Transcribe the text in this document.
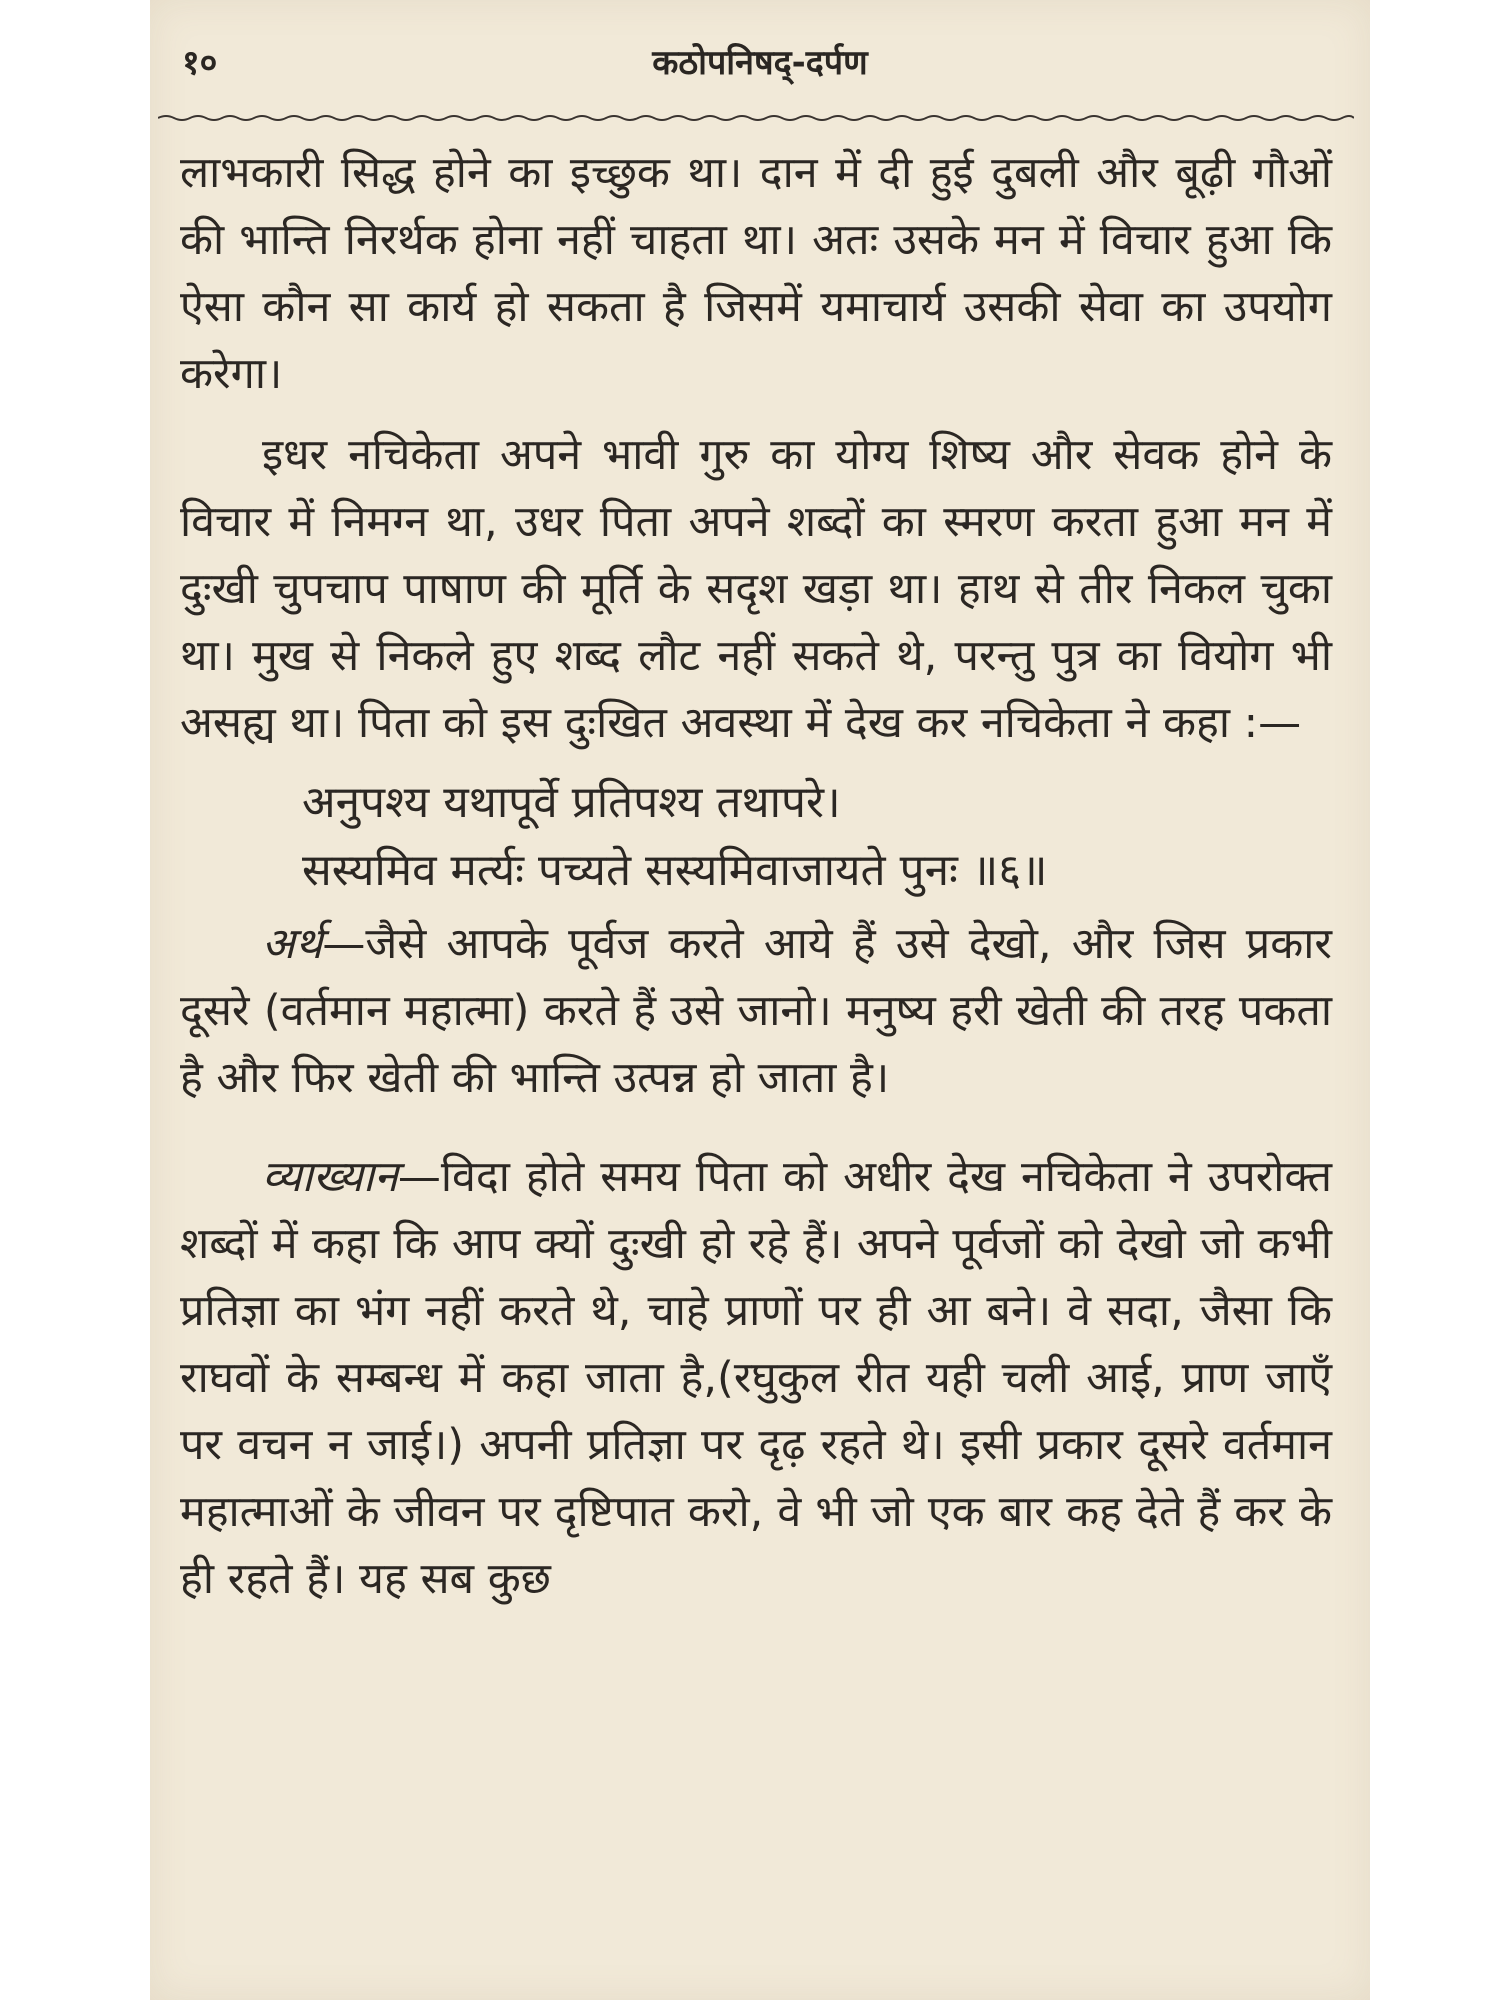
१०	कठोपनिषद्-दर्पण

लाभकारी सिद्ध होने का इच्छुक था। दान में दी हुई दुबली और बूढ़ी गौओं की भान्ति निरर्थक होना नहीं चाहता था। अतः उसके मन में विचार हुआ कि ऐसा कौन सा कार्य हो सकता है जिसमें यमाचार्य उसकी सेवा का उपयोग करेगा।

इधर नचिकेता अपने भावी गुरु का योग्य शिष्य और सेवक होने के विचार में निमग्न था, उधर पिता अपने शब्दों का स्मरण करता हुआ मन में दुःखी चुपचाप पाषाण की मूर्ति के सदृश खड़ा था। हाथ से तीर निकल चुका था। मुख से निकले हुए शब्द लौट नहीं सकते थे, परन्तु पुत्र का वियोग भी असह्य था। पिता को इस दुःखित अवस्था में देख कर नचिकेता ने कहा :—

अनुपश्य यथापूर्वे प्रतिपश्य तथापरे।
सस्यमिव मर्त्यः पच्यते सस्यमिवाजायते पुनः ॥६॥

अर्थ—जैसे आपके पूर्वज करते आये हैं उसे देखो, और जिस प्रकार दूसरे (वर्तमान महात्मा) करते हैं उसे जानो। मनुष्य हरी खेती की तरह पकता है और फिर खेती की भान्ति उत्पन्न हो जाता है।

व्याख्यान—विदा होते समय पिता को अधीर देख नचिकेता ने उपरोक्त शब्दों में कहा कि आप क्यों दुःखी हो रहे हैं। अपने पूर्वजों को देखो जो कभी प्रतिज्ञा का भंग नहीं करते थे, चाहे प्राणों पर ही आ बने। वे सदा, जैसा कि राघवों के सम्बन्ध में कहा जाता है,(रघुकुल रीत यही चली आई, प्राण जाएँ पर वचन न जाई।) अपनी प्रतिज्ञा पर दृढ़ रहते थे। इसी प्रकार दूसरे वर्तमान महात्माओं के जीवन पर दृष्टिपात करो, वे भी जो एक बार कह देते हैं कर के ही रहते हैं। यह सब कुछ
